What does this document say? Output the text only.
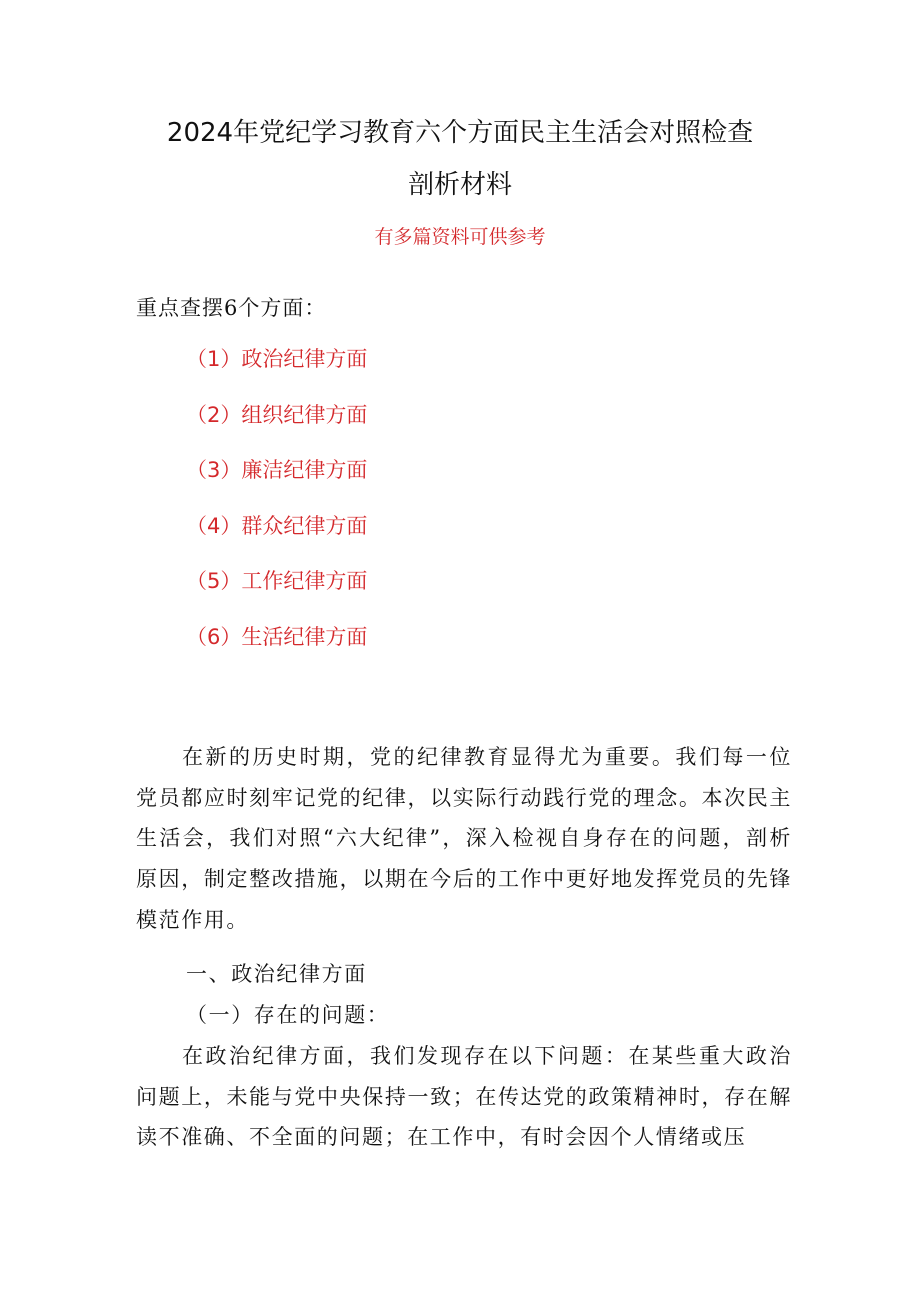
2024年党纪学习教育六个方面民主生活会对照检查
剖析材料
有多篇资料可供参考
重点查摆6个方面：
（1）政治纪律方面
（2）组织纪律方面
（3）廉洁纪律方面
（4）群众纪律方面
（5）工作纪律方面
（6）生活纪律方面

在新的历史时期，党的纪律教育显得尤为重要。我们每一位党员都应时刻牢记党的纪律，以实际行动践行党的理念。本次民主生活会，我们对照“六大纪律”，深入检视自身存在的问题，剖析原因，制定整改措施，以期在今后的工作中更好地发挥党员的先锋模范作用。

一、政治纪律方面

（一）存在的问题：

在政治纪律方面，我们发现存在以下问题：在某些重大政治问题上，未能与党中央保持一致；在传达党的政策精神时，存在解读不准确、不全面的问题；在工作中，有时会因个人情绪或压
